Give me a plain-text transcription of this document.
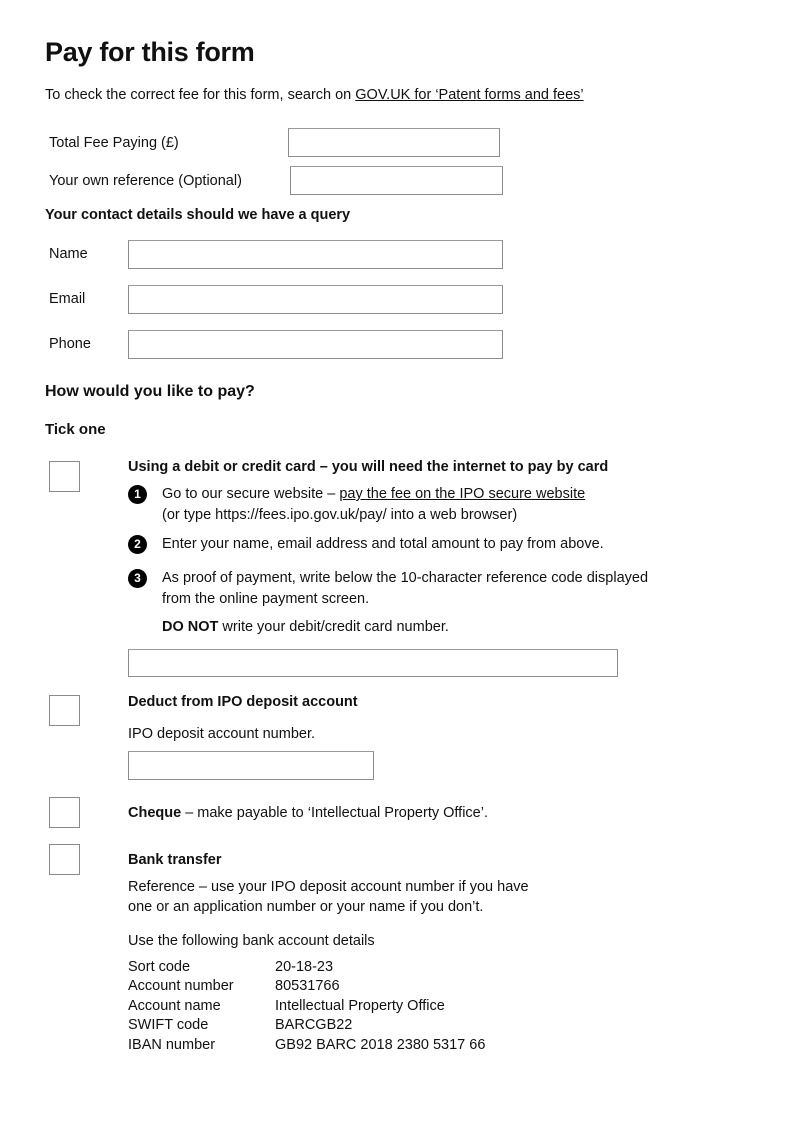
Pay for this form
To check the correct fee for this form, search on GOV.UK for ‘Patent forms and fees’
Total Fee Paying (£)
Your own reference (Optional)
Your contact details should we have a query
Name
Email
Phone
How would you like to pay?
Tick one
Using a debit or credit card – you will need the internet to pay by card
1	Go to our secure website – pay the fee on the IPO secure website
(or type https://fees.ipo.gov.uk/pay/ into a web browser)
2	Enter your name, email address and total amount to pay from above.
3	As proof of payment, write below the 10-character reference code displayed
from the online payment screen.
DO NOT write your debit/credit card number.
Deduct from IPO deposit account
IPO deposit account number.
Cheque – make payable to ‘Intellectual Property Office’.
Bank transfer
Reference – use your IPO deposit account number if you have
one or an application number or your name if you don’t.
Use the following bank account details
Sort code	20-18-23
Account number	80531766
Account name	Intellectual Property Office
SWIFT code	BARCGB22
IBAN number	GB92 BARC 2018 2380 5317 66
